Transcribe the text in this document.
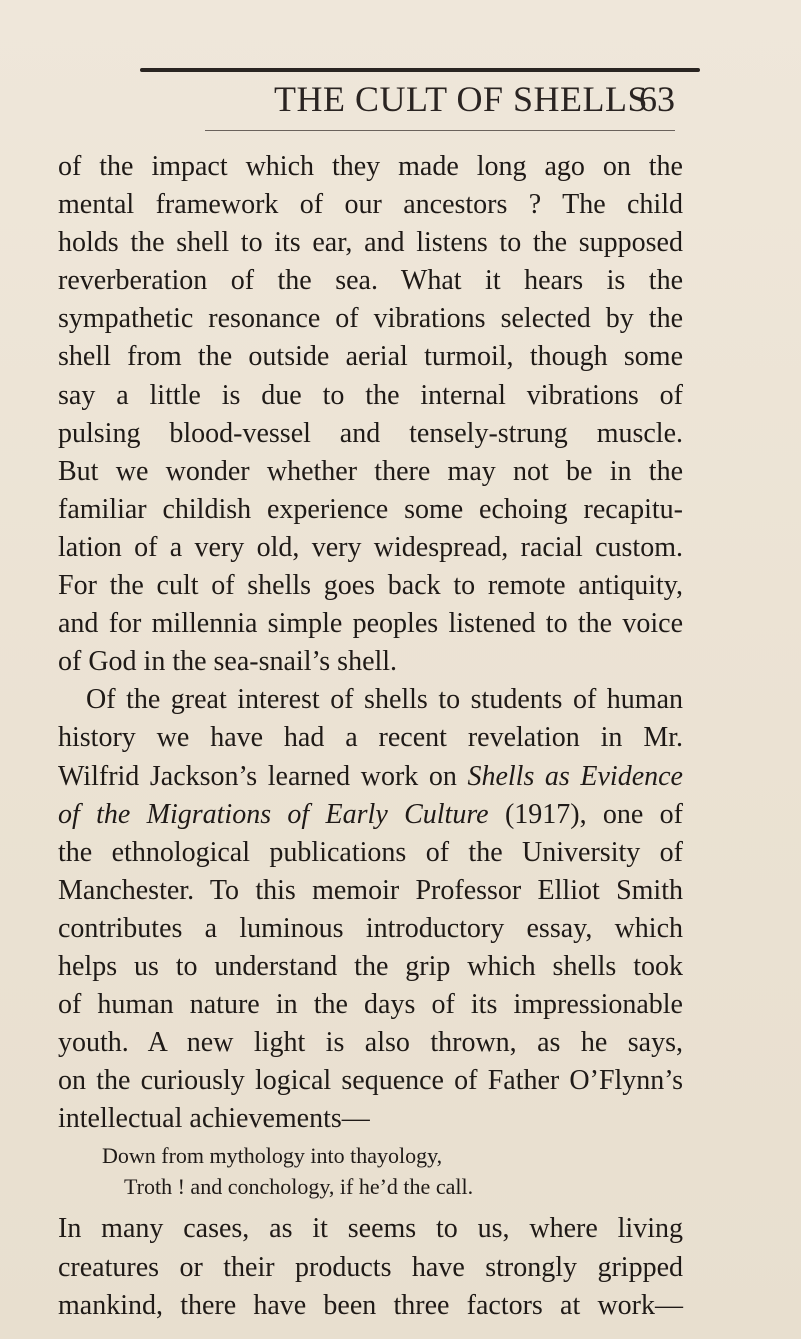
THE CULT OF SHELLS
63
of the impact which they made long ago on the
mental framework of our ancestors ? The child
holds the shell to its ear, and listens to the supposed
reverberation of the sea. What it hears is the
sympathetic resonance of vibrations selected by the
shell from the outside aerial turmoil, though some
say a little is due to the internal vibrations of
pulsing blood-vessel and tensely-strung muscle.
But we wonder whether there may not be in the
familiar childish experience some echoing recapitu-
lation of a very old, very widespread, racial custom.
For the cult of shells goes back to remote antiquity,
and for millennia simple peoples listened to the voice
of God in the sea-snail’s shell.
Of the great interest of shells to students of human
history we have had a recent revelation in Mr.
Wilfrid Jackson’s learned work on Shells as Evidence
of the Migrations of Early Culture (1917), one of
the ethnological publications of the University of
Manchester. To this memoir Professor Elliot Smith
contributes a luminous introductory essay, which
helps us to understand the grip which shells took
of human nature in the days of its impressionable
youth. A new light is also thrown, as he says,
on the curiously logical sequence of Father O’Flynn’s
intellectual achievements—
Down from mythology into thayology,
Troth ! and conchology, if he’d the call.
In many cases, as it seems to us, where living
creatures or their products have strongly gripped
mankind, there have been three factors at work—
